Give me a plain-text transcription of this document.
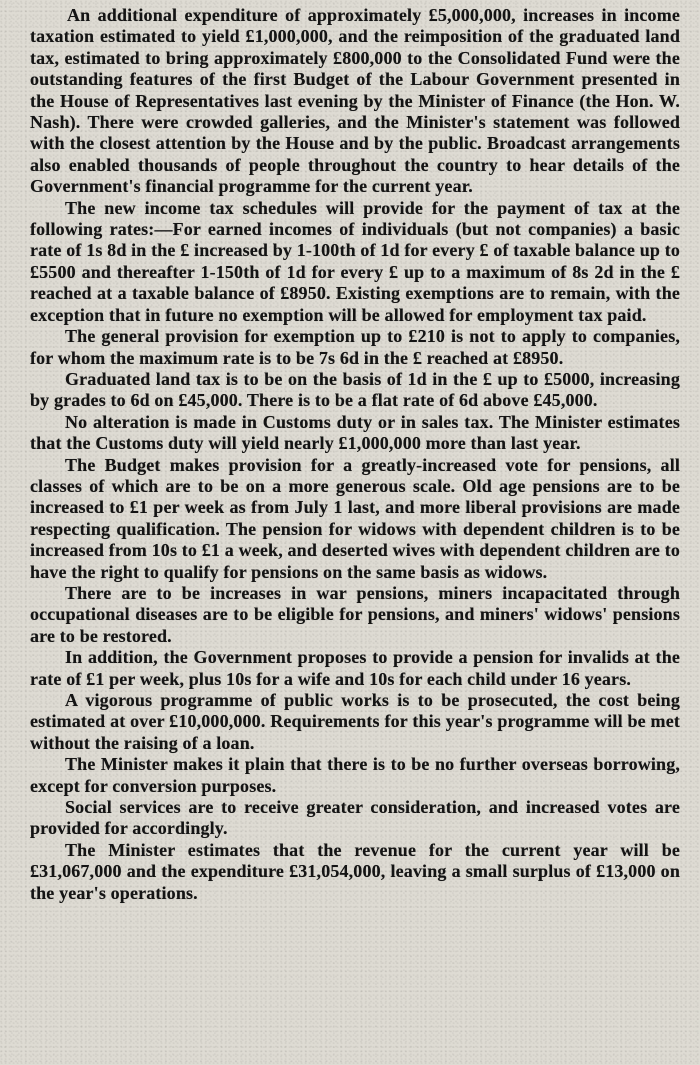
An additional expenditure of approximately £5,000,000, increases in income taxation estimated to yield £1,000,000, and the reimposition of the graduated land tax, estimated to bring approximately £800,000 to the Consolidated Fund were the outstanding features of the first Budget of the Labour Government presented in the House of Representatives last evening by the Minister of Finance (the Hon. W. Nash). There were crowded galleries, and the Minister's statement was followed with the closest attention by the House and by the public. Broadcast arrangements also enabled thousands of people throughout the country to hear details of the Government's financial programme for the current year.

The new income tax schedules will provide for the payment of tax at the following rates:—For earned incomes of individuals (but not companies) a basic rate of 1s 8d in the £ increased by 1-100th of 1d for every £ of taxable balance up to £5500 and thereafter 1-150th of 1d for every £ up to a maximum of 8s 2d in the £ reached at a taxable balance of £8950. Existing exemptions are to remain, with the exception that in future no exemption will be allowed for employment tax paid.

The general provision for exemption up to £210 is not to apply to companies, for whom the maximum rate is to be 7s 6d in the £ reached at £8950.

Graduated land tax is to be on the basis of 1d in the £ up to £5000, increasing by grades to 6d on £45,000. There is to be a flat rate of 6d above £45,000.

No alteration is made in Customs duty or in sales tax. The Minister estimates that the Customs duty will yield nearly £1,000,000 more than last year.

The Budget makes provision for a greatly-increased vote for pensions, all classes of which are to be on a more generous scale. Old age pensions are to be increased to £1 per week as from July 1 last, and more liberal provisions are made respecting qualification. The pension for widows with dependent children is to be increased from 10s to £1 a week, and deserted wives with dependent children are to have the right to qualify for pensions on the same basis as widows.

There are to be increases in war pensions, miners incapacitated through occupational diseases are to be eligible for pensions, and miners' widows' pensions are to be restored.

In addition, the Government proposes to provide a pension for invalids at the rate of £1 per week, plus 10s for a wife and 10s for each child under 16 years.

A vigorous programme of public works is to be prosecuted, the cost being estimated at over £10,000,000. Requirements for this year's programme will be met without the raising of a loan.

The Minister makes it plain that there is to be no further overseas borrowing, except for conversion purposes.

Social services are to receive greater consideration, and increased votes are provided for accordingly.

The Minister estimates that the revenue for the current year will be £31,067,000 and the expenditure £31,054,000, leaving a small surplus of £13,000 on the year's operations.
